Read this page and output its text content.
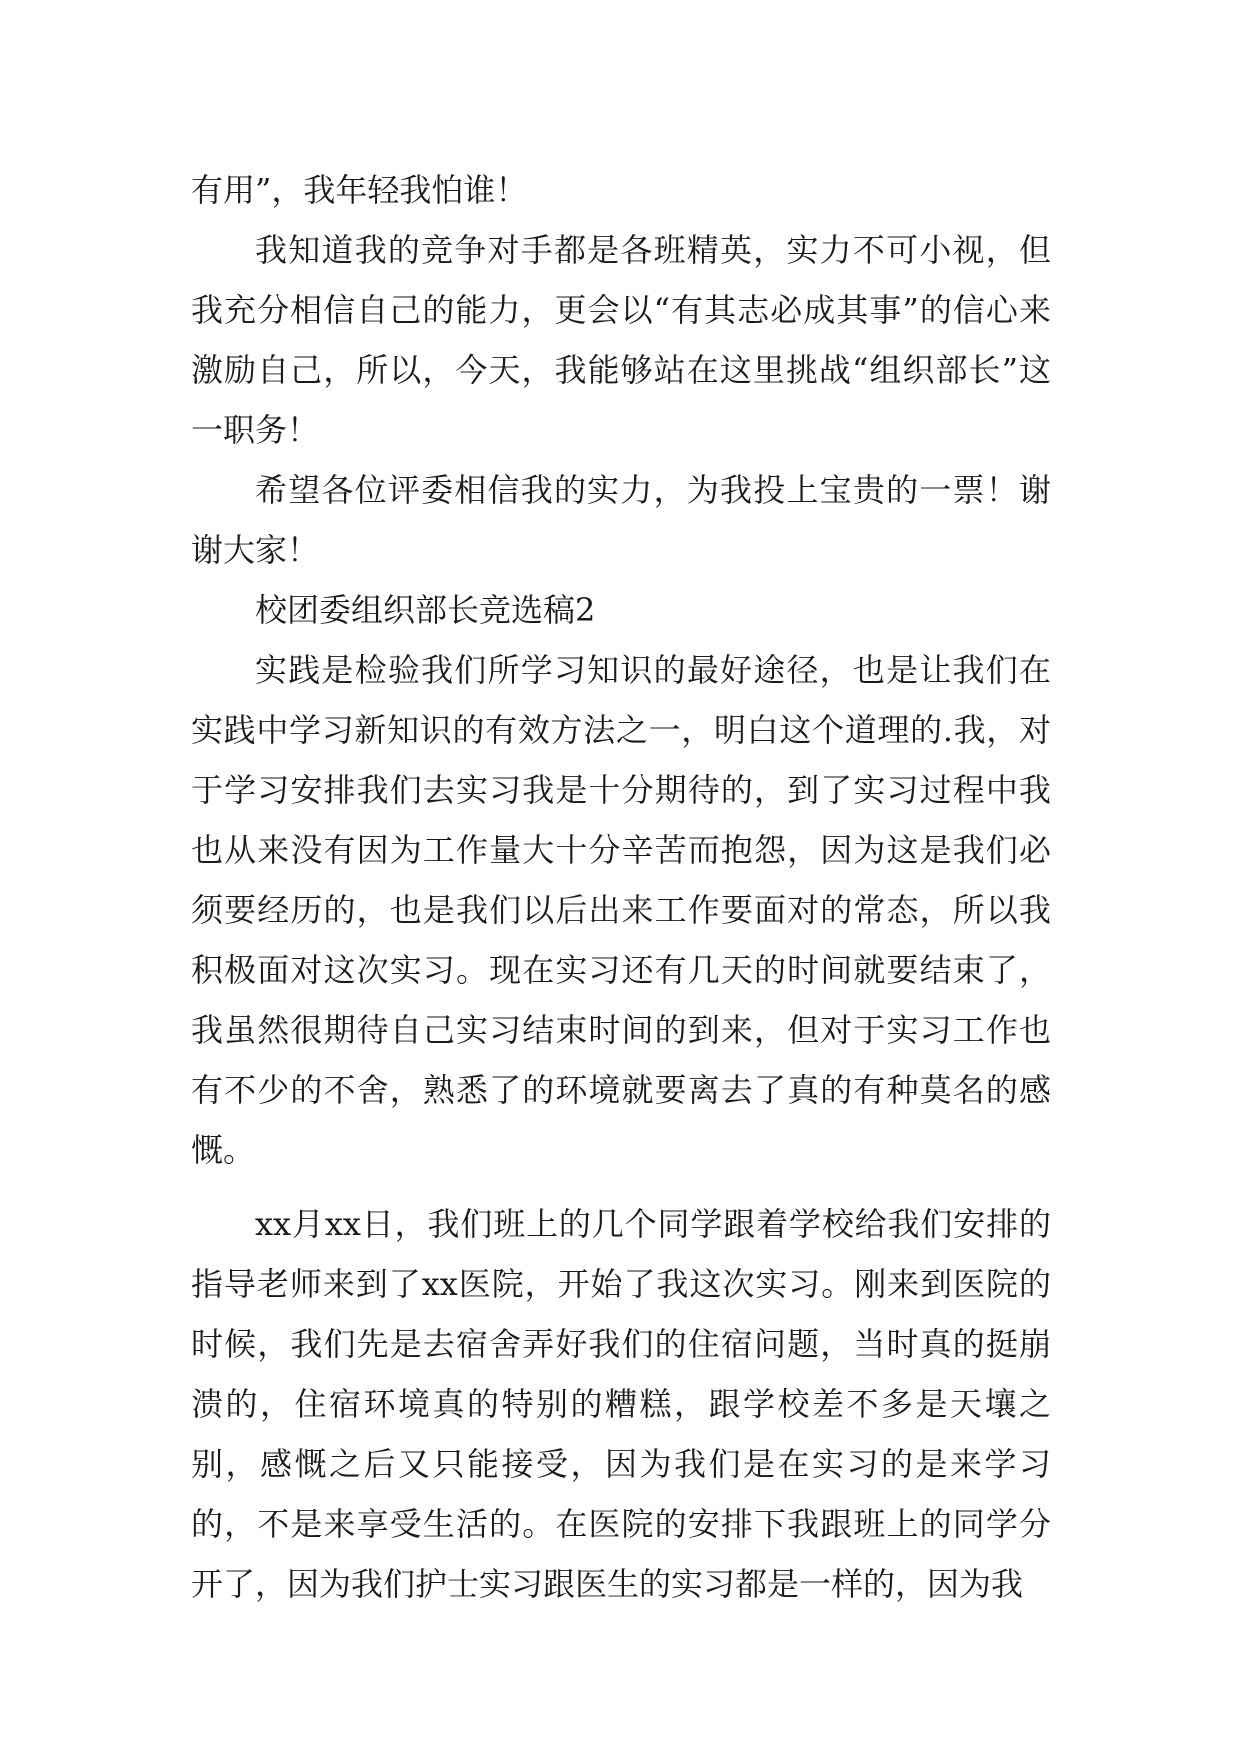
有用”，我年轻我怕谁！

我知道我的竞争对手都是各班精英，实力不可小视，但我充分相信自己的能力，更会以“有其志必成其事”的信心来激励自己，所以，今天，我能够站在这里挑战“组织部长”这一职务！

希望各位评委相信我的实力，为我投上宝贵的一票！谢谢大家！

校团委组织部长竞选稿2

实践是检验我们所学习知识的最好途径，也是让我们在实践中学习新知识的有效方法之一，明白这个道理的.我，对于学习安排我们去实习我是十分期待的，到了实习过程中我也从来没有因为工作量大十分辛苦而抱怨，因为这是我们必须要经历的，也是我们以后出来工作要面对的常态，所以我积极面对这次实习。现在实习还有几天的时间就要结束了，我虽然很期待自己实习结束时间的到来，但对于实习工作也有不少的不舍，熟悉了的环境就要离去了真的有种莫名的感慨。

xx月xx日，我们班上的几个同学跟着学校给我们安排的指导老师来到了xx医院，开始了我这次实习。刚来到医院的时候，我们先是去宿舍弄好我们的住宿问题，当时真的挺崩溃的，住宿环境真的特别的糟糕，跟学校差不多是天壤之别，感慨之后又只能接受，因为我们是在实习的是来学习的，不是来享受生活的。在医院的安排下我跟班上的同学分开了，因为我们护士实习跟医生的实习都是一样的，因为我
